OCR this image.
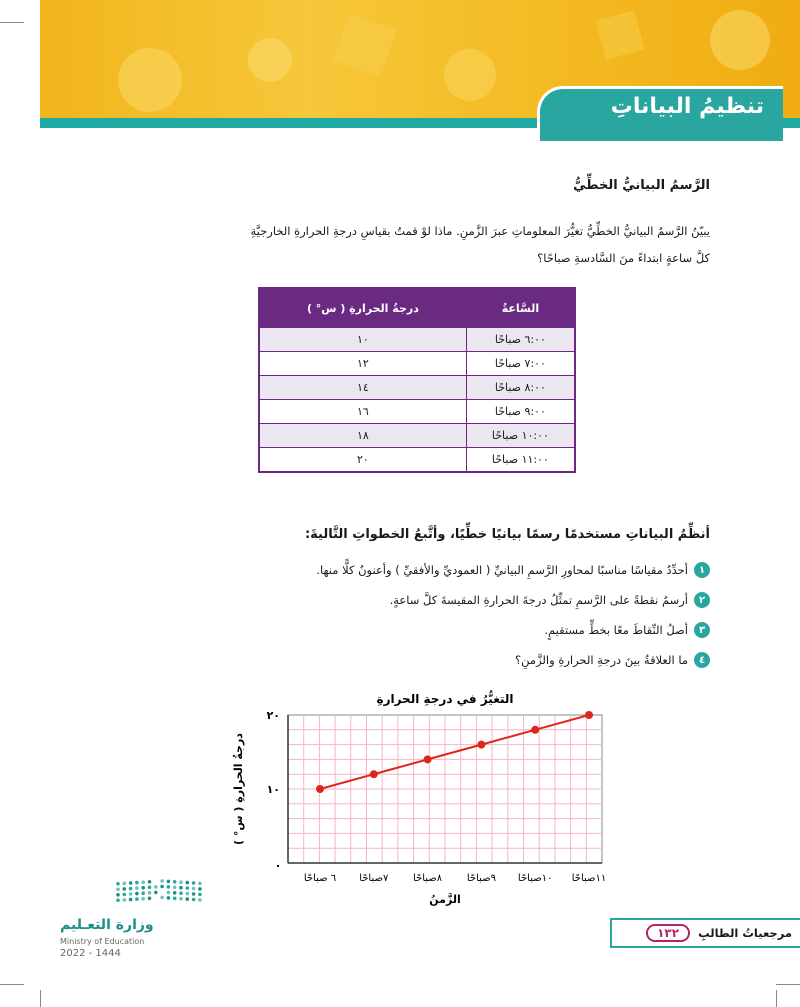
تنظيمُ البياناتِ
الرَّسمُ البيانيُّ الخطِّيُّ
يبيّنُ الرَّسمُ البيانيُّ الخطِّيُّ تغيُّرَ المعلوماتِ عبرَ الزَّمنِ. ماذا لوْ قمتُ بقياسِ درجةِ الحرارةِ الخارجيَّةِ
كلَّ ساعةٍ ابتداءً منَ السَّادسةِ صباحًا؟
السَّاعةُ	درجةُ الحرارةِ ( س° )
٦:٠٠ صباحًا	١٠
٧:٠٠ صباحًا	١٢
٨:٠٠ صباحًا	١٤
٩:٠٠ صباحًا	١٦
١٠:٠٠ صباحًا	١٨
١١:٠٠ صباحًا	٢٠
أنظِّمُ البياناتِ مستخدمًا رسمًا بيانيًا خطِّيًا، وأتَّبعُ الخطواتِ التَّاليةَ:
١
أحدِّدُ مقياسًا مناسبًا لمحاورِ الرَّسمِ البيانيِّ ( العموديِّ والأفقيِّ ) وأعنونُ كلًّا منها.
٢
أرسمُ نقطةً على الرَّسمِ تمثِّلُ درجةَ الحرارةِ المقيسةَ كلَّ ساعةٍ.
٣
أصلُ النِّقاطَ معًا بخطٍّ مستقيمٍ.
٤
ما العلاقةُ بينَ درجةِ الحرارةِ والزَّمنِ؟
التغيُّرُ في درجةِ الحرارةِ
.
١٠
٢٠
درجةُ الحرارةِ ( س° )
٦ صباحًا ٧صباحًا ٨صباحًا ٩صباحًا ١٠صباحًا ١١صباحًا
الزَّمنُ
مرجعياتُ الطالبِ
١٣٢
وزارة التعـليم
Ministry of Education
2022 - 1444
